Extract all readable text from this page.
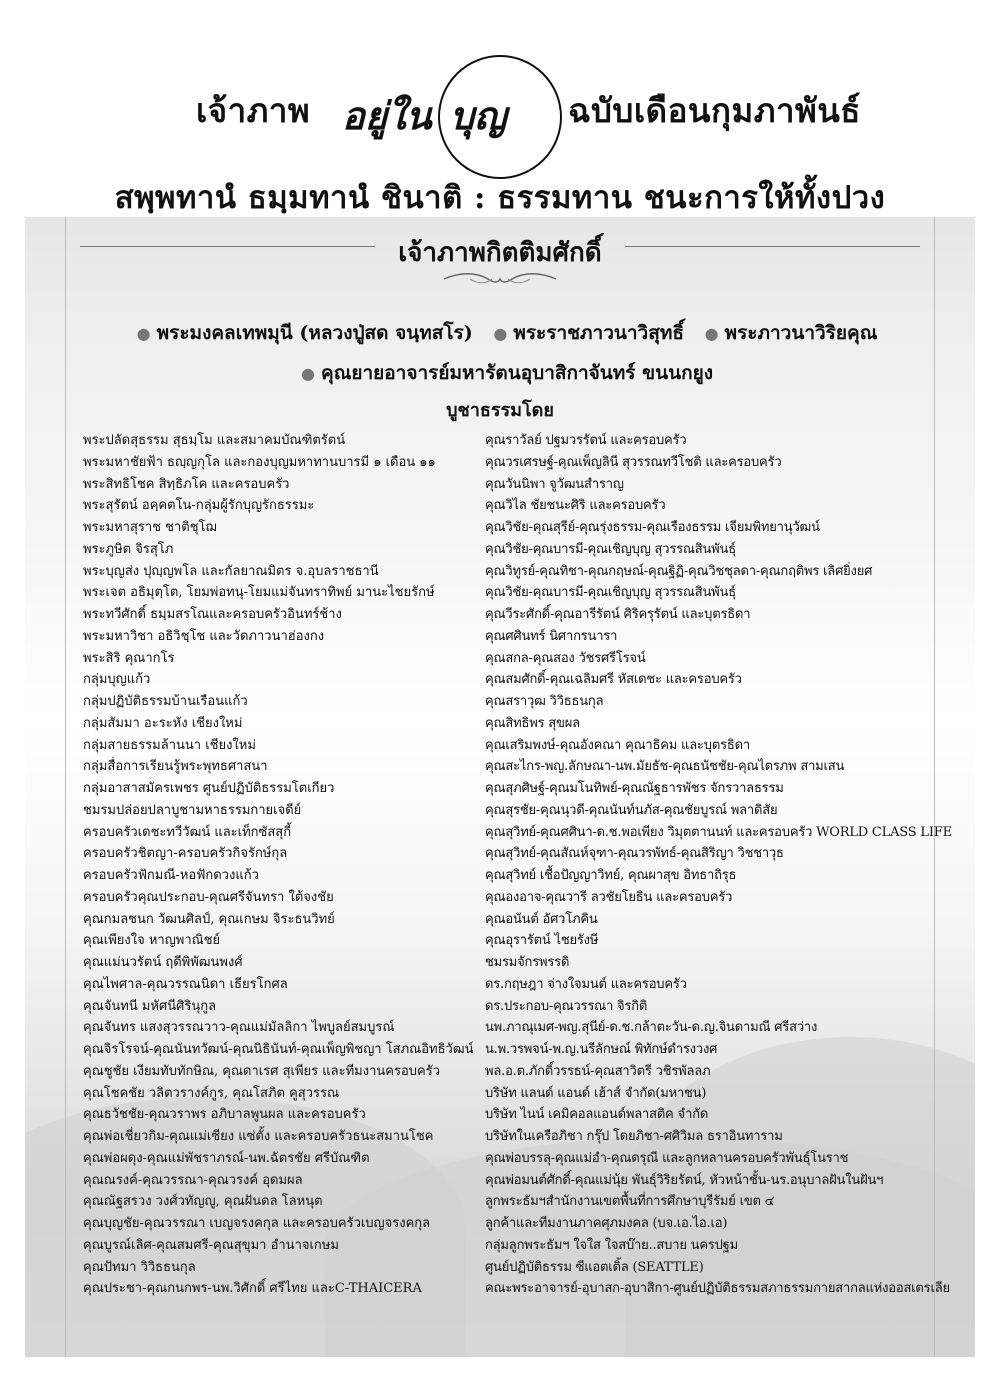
เจ้าภาพ อยู่ใน บุญ ฉบับเดือนกุมภาพันธ์
สพฺพทานํ ธมฺมทานํ ชินาติ : ธรรมทาน ชนะการให้ทั้งปวง
เจ้าภาพกิตติมศักดิ์
● พระมงคลเทพมุนี (หลวงปู่สด จนฺทสโร) ● พระราชภาวนาวิสุทธิ์ ● พระภาวนาวิริยคุณ
● คุณยายอาจารย์มหารัตนอุบาสิกาจันทร์ ขนนกยูง
บูชาธรรมโดย
พระปลัดสุธรรม สุธมฺโม และสมาคมบัณฑิตรัตน์
พระมหาชัยฟ้า ธญฺญกุโล และกองบุญมหาทานบารมี ๑ เดือน ๑๑
พระสิทธิโชค สิทฺธิภโค และครอบครัว
พระสุรัตน์ อคฺคตโน-กลุ่มผู้รักบุญรักธรรมะ
พระมหาสุราช ชาติชุโฌ
พระภูษิต จิรสุโภ
พระบุญส่ง ปุญฺญพโล และกัลยาณมิตร จ.อุบลราชธานี
พระเจต อธิมุตฺโต, โยมพ่อทนุ-โยมแม่จันทราทิพย์ มานะไชยรักษ์
พระทวีศักดิ์ ธมฺมสรโณและครอบครัวอินทร์ช้าง
พระมหาวิชา อธิวิชฺโช และวัดภาวนาฮ่องกง
พระสิริ คุณากโร
กลุ่มบุญแก้ว
กลุ่มปฏิบัติธรรมบ้านเรือนแก้ว
กลุ่มสัมมา อะระหัง เชียงใหม่
กลุ่มสายธรรมล้านนา เชียงใหม่
กลุ่มสื่อการเรียนรู้พระพุทธศาสนา
กลุ่มอาสาสมัครเพชร ศูนย์ปฏิบัติธรรมโตเกียว
ชมรมปล่อยปลาบูชามหาธรรมกายเจดีย์
ครอบครัวเดชะทวีวัฒน์ และเท็กซัสสุกี้
ครอบครัวชิตญา-ครอบครัวกิจรักษ์กุล
ครอบครัวฟักมณี-หอฟักดวงแก้ว
ครอบครัวคุณประกอบ-คุณศรีจันทรา ใต้จงชัย
คุณกมลชนก วัฒนศิลป์, คุณเกษม จิระธนวิทย์
คุณเพียงใจ หาญพาณิชย์
คุณแม่นวรัตน์ ฤดีพิพัฒนพงศ์
คุณไพศาล-คุณวรรณนิดา เธียรโกศล
คุณจันทนี มหัศนีศิรินุกูล
คุณจันทร แสงสุวรรณวาว-คุณแม่มัลลิกา ไพบูลย์สมบูรณ์
คุณจิรโรจน์-คุณนันทวัฒน์-คุณนิธินันท์-คุณเพ็ญพิชญา โสภณอิทธิวัฒน์
คุณชูชัย เงียมทับทักษิณ, คุณดาเรศ สุเพียร และทีมงานครอบครัว
คุณโชคชัย วลิตวรางค์กูร, คุณโสภิต คูสุวรรณ
คุณธวัชชัย-คุณวราพร อภิบาลพูนผล และครอบครัว
คุณพ่อเชี่ยวกิม-คุณแม่เซียง แซ่ตั้ง และครอบครัวธนะสมานโชค
คุณพ่อผดุง-คุณแม่พัชราภรณ์-นพ.ฉัตรชัย ศรีบัณฑิต
คุณณรงค์-คุณวรรณา-คุณวรงค์ อุดมผล
คุณณัฐสรวง วงศ์วทัญญู, คุณฝันดล โลหนุต
คุณบุญชัย-คุณวรรณา เบญจรงคกุล และครอบครัวเบญจรงคกุล
คุณบูรณ์เลิศ-คุณสมศรี-คุณสุขุมา อำนาจเกษม
คุณปัทมา วิวิธธนกุล
คุณประชา-คุณกนกพร-นพ.วิศักดิ์ ศรีไทย และC-THAICERA
คุณราวัลย์ ปฐมวรรัตน์ และครอบครัว
คุณวรเศรษฐ์-คุณเพ็ญลินี สุวรรณทวีโชติ และครอบครัว
คุณวันนิพา จูวัฒนสำราญ
คุณวิไล ชัยชนะศิริ และครอบครัว
คุณวิชัย-คุณสุรีย์-คุณรุ่งธรรม-คุณเรืองธรรม เจียมพิทยานุวัฒน์
คุณวิชัย-คุณบารมี-คุณเชิญบุญ สุวรรณสินพันธุ์
คุณวิทูรย์-คุณทิชา-คุณกฤษณ์-คุณฐิฏิ-คุณวิชชุลดา-คุณกฤติพร เลิศยิ่งยศ
คุณวิชัย-คุณบารมี-คุณเชิญบุญ สุวรรณสินพันธุ์
คุณวีระศักดิ์-คุณอารีรัตน์ ศิริครุรัตน์ และบุตรธิดา
คุณศศินทร์ นิศากรนารา
คุณสกล-คุณสอง วัชรศรีโรจน์
คุณสมศักดิ์-คุณเฉลิมศรี หัสเดชะ และครอบครัว
คุณสราวุฒ วิวิธธนกุล
คุณสิทธิพร สุขผล
คุณเสริมพงษ์-คุณอังคณา คุณาธิคม และบุตรธิดา
คุณสะไกร-พญ.ลักษณา-นพ.มัยธัช-คุณธนัชชัย-คุณไตรภพ สามเสน
คุณสุภศิษฐ์-คุณมโนทิพย์-คุณณัฐธารพัชร จักรวาลธรรม
คุณสุรชัย-คุณนุวดี-คุณนันท์นภัส-คุณชัยบูรณ์ พลาดิสัย
คุณสุวิทย์-คุณศศินา-ด.ช.พอเพียง วิมุตตานนท์ และครอบครัว WORLD CLASS LIFE
คุณสุวิทย์-คุณสัณห์จุฑา-คุณวรพัทธ์-คุณสิริญา วิชชาวุธ
คุณสุวิทย์ เชื้อปัญญาวิทย์, คุณผาสุข อิทธาถิรุธ
คุณองอาจ-คุณวารี ลวชัยโยธิน และครอบครัว
คุณอนันต์ อัศวโภคิน
คุณอุรารัตน์ ไชยรังษี
ชมรมจักรพรรดิ
ดร.กฤษฎา จ่างใจมนต์ และครอบครัว
ดร.ประกอบ-คุณวรรณา จิรกิติ
นพ.ภาณุเมศ-พญ.สุนีย์-ด.ช.กล้าตะวัน-ด.ญ.จินดามณี ศรีสว่าง
น.พ.วรพจน์-พ.ญ.นรีลักษณ์ พิทักษ์ดำรงวงศ
พล.อ.ต.ภักดิ์วรรธน์-คุณสาวิตรี วชิรพัลลภ
บริษัท แลนด์ แอนด์ เฮ้าส์ จำกัด(มหาชน)
บริษัท ไนน์ เคมิคอลแอนด์พลาสติค จำกัด
บริษัทในเครือภิชา กรุ๊ป โดยภิชา-ศศิวิมล ธราอินทาราม
คุณพ่อบรรลุ-คุณแม่อำ-คุณดรุณี และลูกหลานครอบครัวพันธุ์โนราช
คุณพ่อมนต์ศักดิ์-คุณแม่นุ้ย พันธุ์วิริยรัตน์, หัวหน้าชั้น-นร.อนุบาลฝันในฝันฯ
ลูกพระธัมฯสำนักงานเขตพื้นที่การศึกษาบุรีรัมย์ เขต ๔
ลูกค้าและทีมงานภาคศุภมงคล (บจ.เอ.ไอ.เอ)
กลุ่มลูกพระธัมฯ ใจใส ใจสบ๊าย..สบาย นครปฐม
ศูนย์ปฏิบัติธรรม ซีแอตเติ้ล (SEATTLE)
คณะพระอาจารย์-อุบาสก-อุบาสิกา-ศูนย์ปฏิบัติธรรมสภาธรรมกายสากลแห่งออสเตรเลีย
